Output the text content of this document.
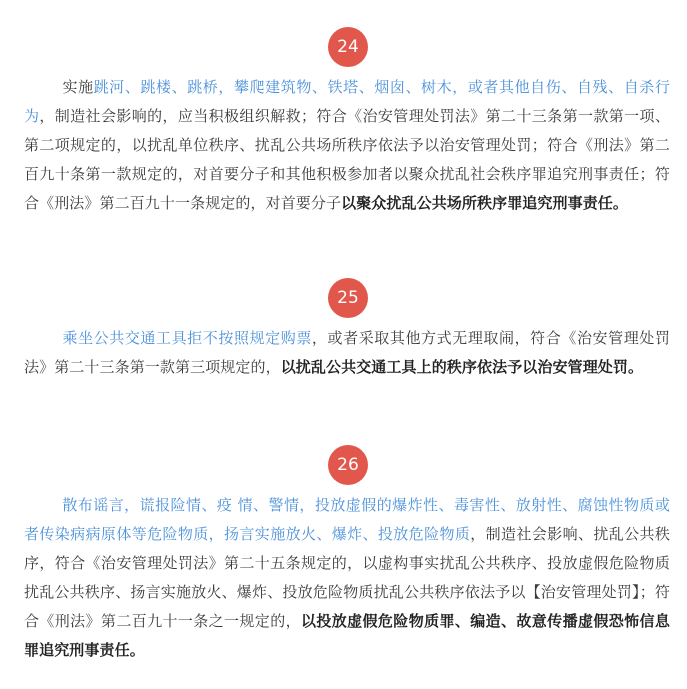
24
实施跳河、跳楼、跳桥，攀爬建筑物、铁塔、烟囱、树木，或者其他自伤、自残、自杀行为，制造社会影响的，应当积极组织解救；符合《治安管理处罚法》第二十三条第一款第一项、第二项规定的，以扰乱单位秩序、扰乱公共场所秩序依法予以治安管理处罚；符合《刑法》第二百九十条第一款规定的，对首要分子和其他积极参加者以聚众扰乱社会秩序罪追究刑事责任；符合《刑法》第二百九十一条规定的，对首要分子以聚众扰乱公共场所秩序罪追究刑事责任。
25
乘坐公共交通工具拒不按照规定购票，或者采取其他方式无理取闹，符合《治安管理处罚法》第二十三条第一款第三项规定的，以扰乱公共交通工具上的秩序依法予以治安管理处罚。
26
散布谣言，谎报险情、疫 情、警情，投放虚假的爆炸性、毒害性、放射性、腐蚀性物质或者传染病病原体等危险物质，扬言实施放火、爆炸、投放危险物质，制造社会影响、扰乱公共秩序，符合《治安管理处罚法》第二十五条规定的，以虚构事实扰乱公共秩序、投放虚假危险物质扰乱公共秩序、扬言实施放火、爆炸、投放危险物质扰乱公共秩序依法予以【治安管理处罚】；符合《刑法》第二百九十一条之一规定的，以投放虚假危险物质罪、编造、故意传播虚假恐怖信息罪追究刑事责任。
